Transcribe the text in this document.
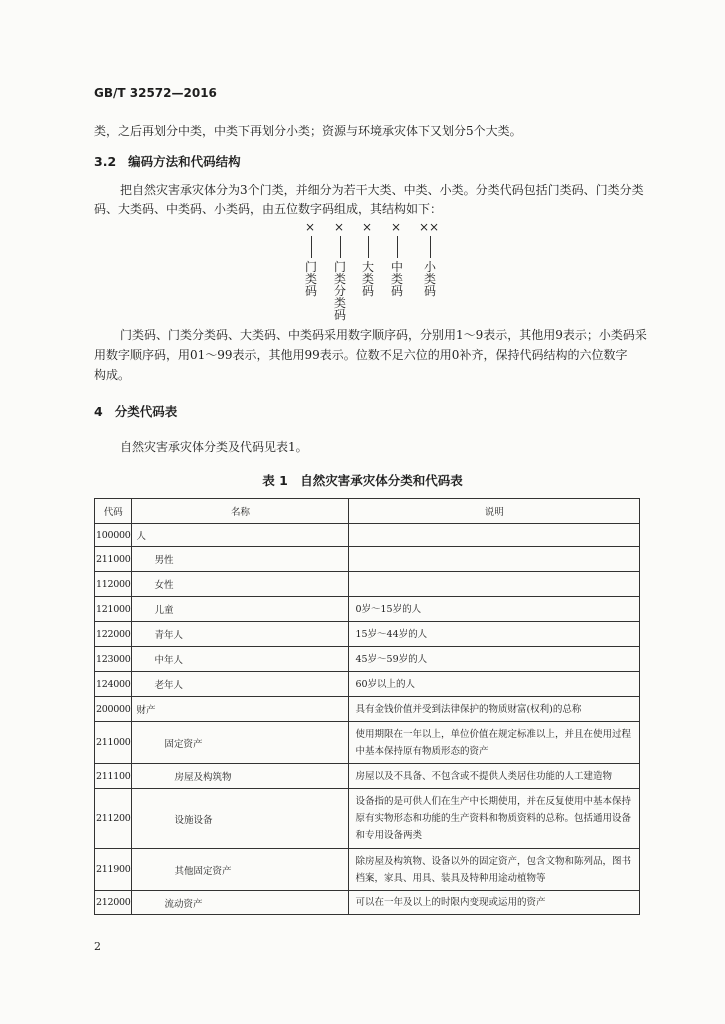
GB/T 32572—2016
类，之后再划分中类，中类下再划分小类；资源与环境承灾体下又划分5个大类。
3.2 编码方法和代码结构
把自然灾害承灾体分为3个门类，并细分为若干大类、中类、小类。分类代码包括门类码、门类分类
码、大类码、中类码、小类码，由五位数字码组成，其结构如下：
× × × × ××
门类码
门类分类码
大类码
中类码
小类码
门类码、门类分类码、大类码、中类码采用数字顺序码，分别用1～9表示，其他用9表示；小类码采
用数字顺序码，用01～99表示，其他用99表示。位数不足六位的用0补齐，保持代码结构的六位数字
构成。
4 分类代码表
自然灾害承灾体分类及代码见表1。
表 1　自然灾害承灾体分类和代码表
代码	名称	说明
100000	人	
211000	男性	
112000	女性	
121000	儿童	0岁～15岁的人
122000	青年人	15岁～44岁的人
123000	中年人	45岁～59岁的人
124000	老年人	60岁以上的人
200000	财产	具有金钱价值并受到法律保护的物质财富(权利)的总称
211000	固定资产	使用期限在一年以上，单位价值在规定标准以上，并且在使用过程中基本保持原有物质形态的资产
211100	房屋及构筑物	房屋以及不具备、不包含或不提供人类居住功能的人工建造物
211200	设施设备	设备指的是可供人们在生产中长期使用，并在反复使用中基本保持原有实物形态和功能的生产资料和物质资料的总称。包括通用设备和专用设备两类
211900	其他固定资产	除房屋及构筑物、设备以外的固定资产，包含文物和陈列品，图书档案，家具、用具、装具及特种用途动植物等
212000	流动资产	可以在一年及以上的时限内变现或运用的资产
2
